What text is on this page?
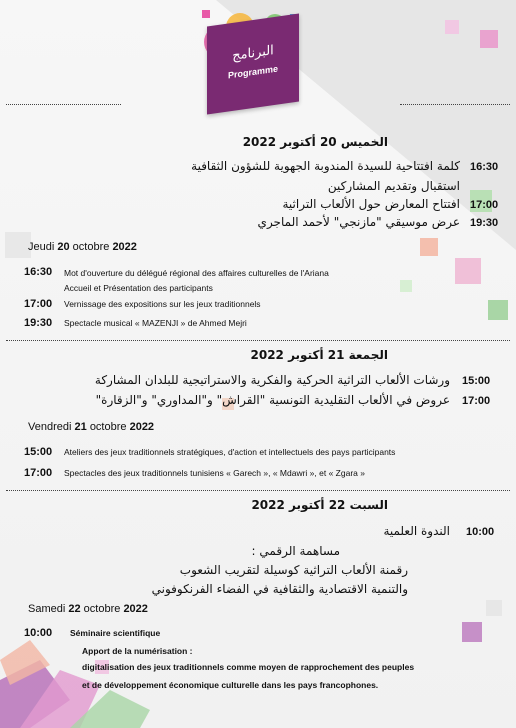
البرنامج
Programme
الخميس 20 أكتوبر 2022
16:30
كلمة افتتاحية للسيدة المندوبة الجهوية للشؤون الثقافية
استقبال وتقديم المشاركين
17:00
افتتاح المعارض حول الألعاب التراثية
19:30
عرض موسيقي "مازنجي" لأحمد الماجري
Jeudi 20 octobre 2022
16:30 Mot d'ouverture du délégué régional des affaires culturelles de l'Ariana
Accueil et Présentation des participants
17:00 Vernissage des expositions sur les jeux traditionnels
19:30 Spectacle musical « MAZENJI » de Ahmed Mejri
الجمعة 21 أكتوبر 2022
15:00
ورشات الألعاب التراثية الحركية والفكرية والاستراتيجية للبلدان المشاركة
17:00
عروض في الألعاب التقليدية التونسية "القراش" و"المداوري" و"الزقارة"
Vendredi 21 octobre 2022
15:00 Ateliers des jeux traditionnels stratégiques, d'action et intellectuels des pays participants
17:00 Spectacles des jeux traditionnels tunisiens « Garech », « Mdawri », et « Zgara »
السبت 22 أكتوبر 2022
10:00
الندوة العلمية
مساهمة الرقمي :
رقمنة الألعاب التراثية كوسيلة لتقريب الشعوب
والتنمية الاقتصادية والثقافية في الفضاء الفرنكوفوني
Samedi 22 octobre 2022
10:00 Séminaire scientifique
Apport de la numérisation :
digitalisation des jeux traditionnels comme moyen de rapprochement des peuples
et de développement économique culturelle dans les pays francophones.
